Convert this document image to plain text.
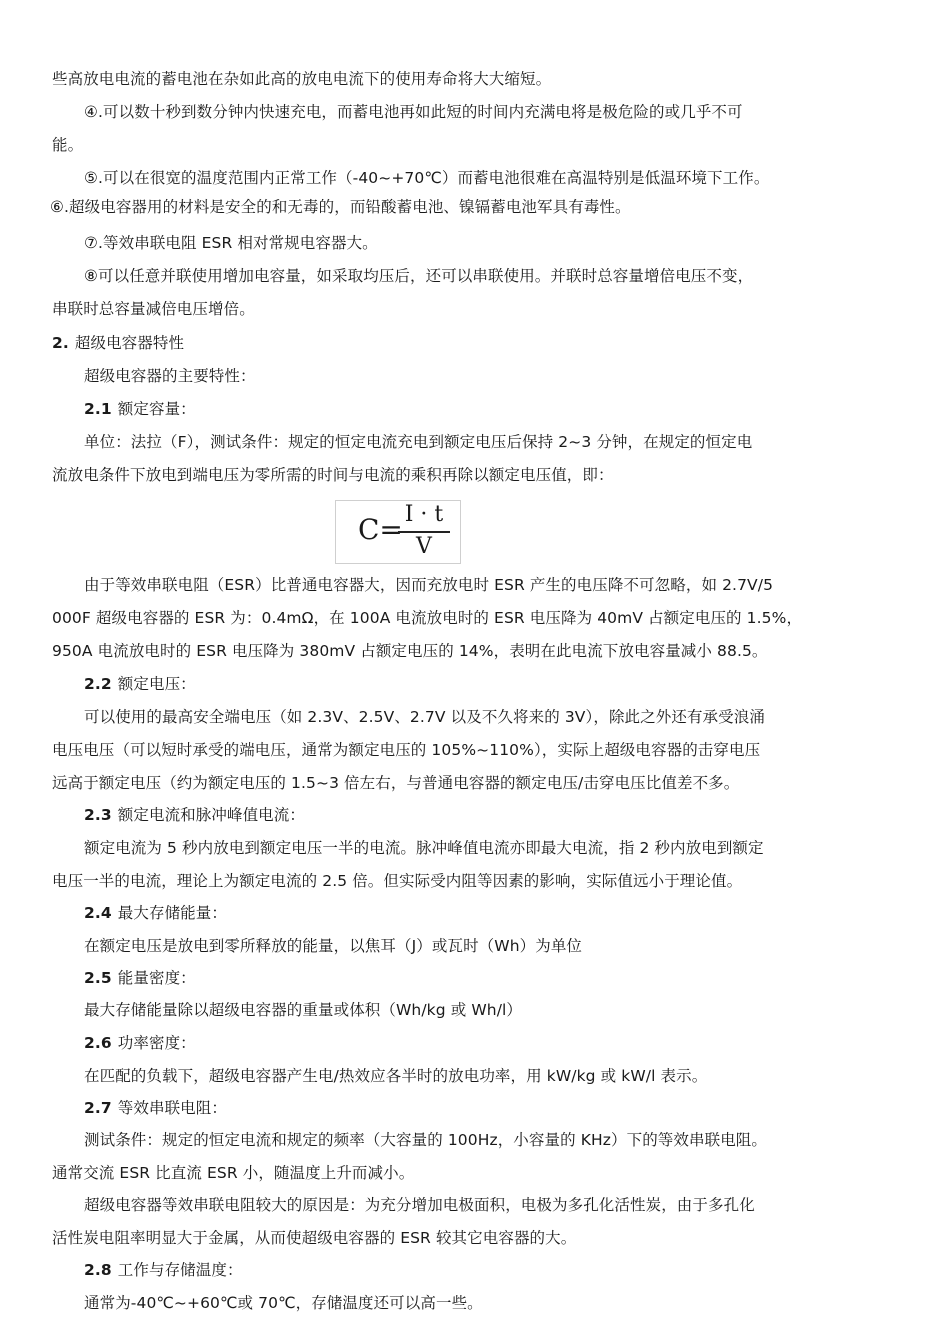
些高放电电流的蓄电池在杂如此高的放电电流下的使用寿命将大大缩短。
④.可以数十秒到数分钟内快速充电，而蓄电池再如此短的时间内充满电将是极危险的或几乎不可
能。
⑤.可以在很宽的温度范围内正常工作（-40~+70℃）而蓄电池很难在高温特别是低温环境下工作。
⑥.超级电容器用的材料是安全的和无毒的，而铅酸蓄电池、镍镉蓄电池军具有毒性。
⑦.等效串联电阻 ESR 相对常规电容器大。
⑧可以任意并联使用增加电容量，如采取均压后，还可以串联使用。并联时总容量增倍电压不变，
串联时总容量减倍电压增倍。
2. 超级电容器特性
超级电容器的主要特性：
2.1 额定容量：
单位：法拉（F），测试条件：规定的恒定电流充电到额定电压后保持 2~3 分钟，在规定的恒定电
流放电条件下放电到端电压为零所需的时间与电流的乘积再除以额定电压值，即：
C= I · t
V
由于等效串联电阻（ESR）比普通电容器大，因而充放电时 ESR 产生的电压降不可忽略，如 2.7V/5
000F 超级电容器的 ESR 为：0.4mΩ，在 100A 电流放电时的 ESR 电压降为 40mV 占额定电压的 1.5%，
950A 电流放电时的 ESR 电压降为 380mV 占额定电压的 14%，表明在此电流下放电容量减小 88.5。
2.2 额定电压：
可以使用的最高安全端电压（如 2.3V、2.5V、2.7V 以及不久将来的 3V），除此之外还有承受浪涌
电压电压（可以短时承受的端电压，通常为额定电压的 105%~110%），实际上超级电容器的击穿电压
远高于额定电压（约为额定电压的 1.5~3 倍左右，与普通电容器的额定电压/击穿电压比值差不多。
2.3 额定电流和脉冲峰值电流：
额定电流为 5 秒内放电到额定电压一半的电流。脉冲峰值电流亦即最大电流，指 2 秒内放电到额定
电压一半的电流，理论上为额定电流的 2.5 倍。但实际受内阻等因素的影响，实际值远小于理论值。
2.4 最大存储能量：
在额定电压是放电到零所释放的能量，以焦耳（J）或瓦时（Wh）为单位
2.5 能量密度：
最大存储能量除以超级电容器的重量或体积（Wh/kg 或 Wh/l）
2.6 功率密度：
在匹配的负载下，超级电容器产生电/热效应各半时的放电功率，用 kW/kg 或 kW/l 表示。
2.7 等效串联电阻：
测试条件：规定的恒定电流和规定的频率（大容量的 100Hz，小容量的 KHz）下的等效串联电阻。
通常交流 ESR 比直流 ESR 小，随温度上升而减小。
超级电容器等效串联电阻较大的原因是：为充分增加电极面积，电极为多孔化活性炭，由于多孔化
活性炭电阻率明显大于金属，从而使超级电容器的 ESR 较其它电容器的大。
2.8 工作与存储温度：
通常为-40℃~+60℃或 70℃，存储温度还可以高一些。
